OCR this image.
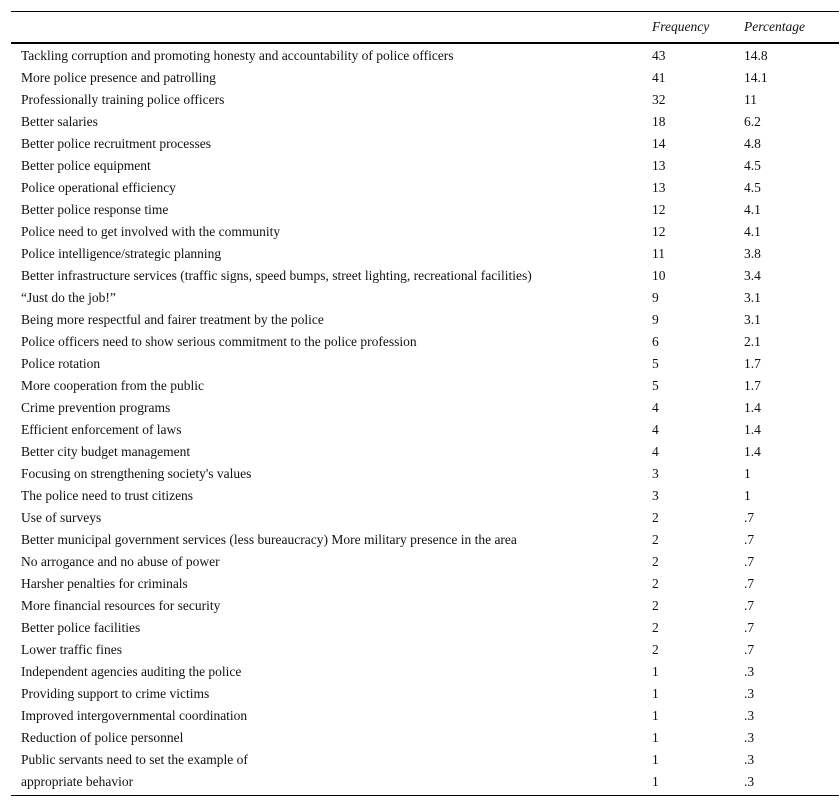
	Frequency	Percentage
Tackling corruption and promoting honesty and accountability of police officers	43	14.8
More police presence and patrolling	41	14.1
Professionally training police officers	32	11
Better salaries	18	6.2
Better police recruitment processes	14	4.8
Better police equipment	13	4.5
Police operational efficiency	13	4.5
Better police response time	12	4.1
Police need to get involved with the community	12	4.1
Police intelligence/strategic planning	11	3.8
Better infrastructure services (traffic signs, speed bumps, street lighting, recreational facilities)	10	3.4
“Just do the job!”	9	3.1
Being more respectful and fairer treatment by the police	9	3.1
Police officers need to show serious commitment to the police profession	6	2.1
Police rotation	5	1.7
More cooperation from the public	5	1.7
Crime prevention programs	4	1.4
Efficient enforcement of laws	4	1.4
Better city budget management	4	1.4
Focusing on strengthening society's values	3	1
The police need to trust citizens	3	1
Use of surveys	2	.7
Better municipal government services (less bureaucracy) More military presence in the area	2	.7
No arrogance and no abuse of power	2	.7
Harsher penalties for criminals	2	.7
More financial resources for security	2	.7
Better police facilities	2	.7
Lower traffic fines	2	.7
Independent agencies auditing the police	1	.3
Providing support to crime victims	1	.3
Improved intergovernmental coordination	1	.3
Reduction of police personnel	1	.3
Public servants need to set the example of	1	.3
appropriate behavior	1	.3
